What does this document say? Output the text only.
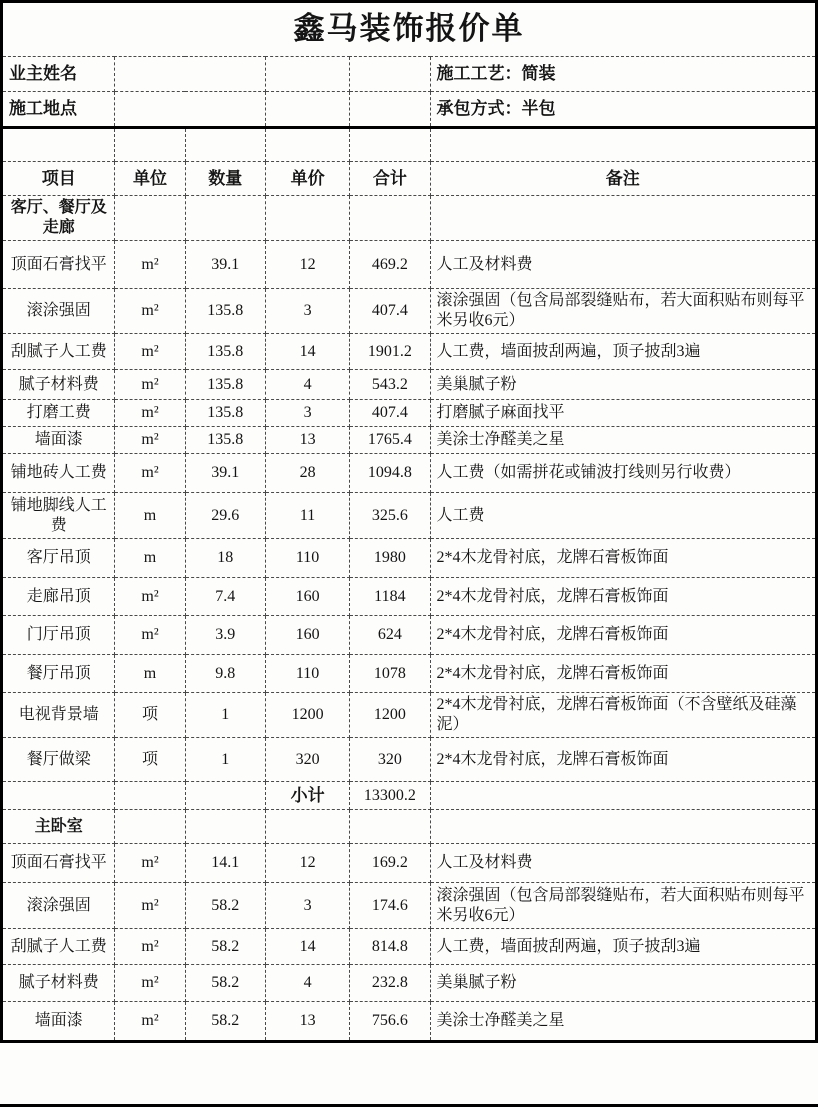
鑫马装饰报价单					
业主姓名					施工工艺：简装
施工地点					承包方式：半包

项目	单位	数量	单价	合计	备注
客厅、餐厅及走廊					
顶面石膏找平	m²	39.1	12	469.2	人工及材料费
滚涂强固	m²	135.8	3	407.4	滚涂强固（包含局部裂缝贴布，若大面积贴布则每平米另收6元）
刮腻子人工费	m²	135.8	14	1901.2	人工费，墙面披刮两遍，顶子披刮3遍
腻子材料费	m²	135.8	4	543.2	美巢腻子粉
打磨工费	m²	135.8	3	407.4	打磨腻子麻面找平
墙面漆	m²	135.8	13	1765.4	美涂士净醛美之星
铺地砖人工费	m²	39.1	28	1094.8	人工费（如需拼花或铺波打线则另行收费）
铺地脚线人工费	m	29.6	11	325.6	人工费
客厅吊顶	m	18	110	1980	2*4木龙骨衬底，龙牌石膏板饰面
走廊吊顶	m²	7.4	160	1184	2*4木龙骨衬底，龙牌石膏板饰面
门厅吊顶	m²	3.9	160	624	2*4木龙骨衬底，龙牌石膏板饰面
餐厅吊顶	m	9.8	110	1078	2*4木龙骨衬底，龙牌石膏板饰面
电视背景墙	项	1	1200	1200	2*4木龙骨衬底，龙牌石膏板饰面（不含壁纸及硅藻泥）
餐厅做梁	项	1	320	320	2*4木龙骨衬底，龙牌石膏板饰面
			小计	13300.2	
主卧室					
顶面石膏找平	m²	14.1	12	169.2	人工及材料费
滚涂强固	m²	58.2	3	174.6	滚涂强固（包含局部裂缝贴布，若大面积贴布则每平米另收6元）
刮腻子人工费	m²	58.2	14	814.8	人工费，墙面披刮两遍，顶子披刮3遍
腻子材料费	m²	58.2	4	232.8	美巢腻子粉
墙面漆	m²	58.2	13	756.6	美涂士净醛美之星
